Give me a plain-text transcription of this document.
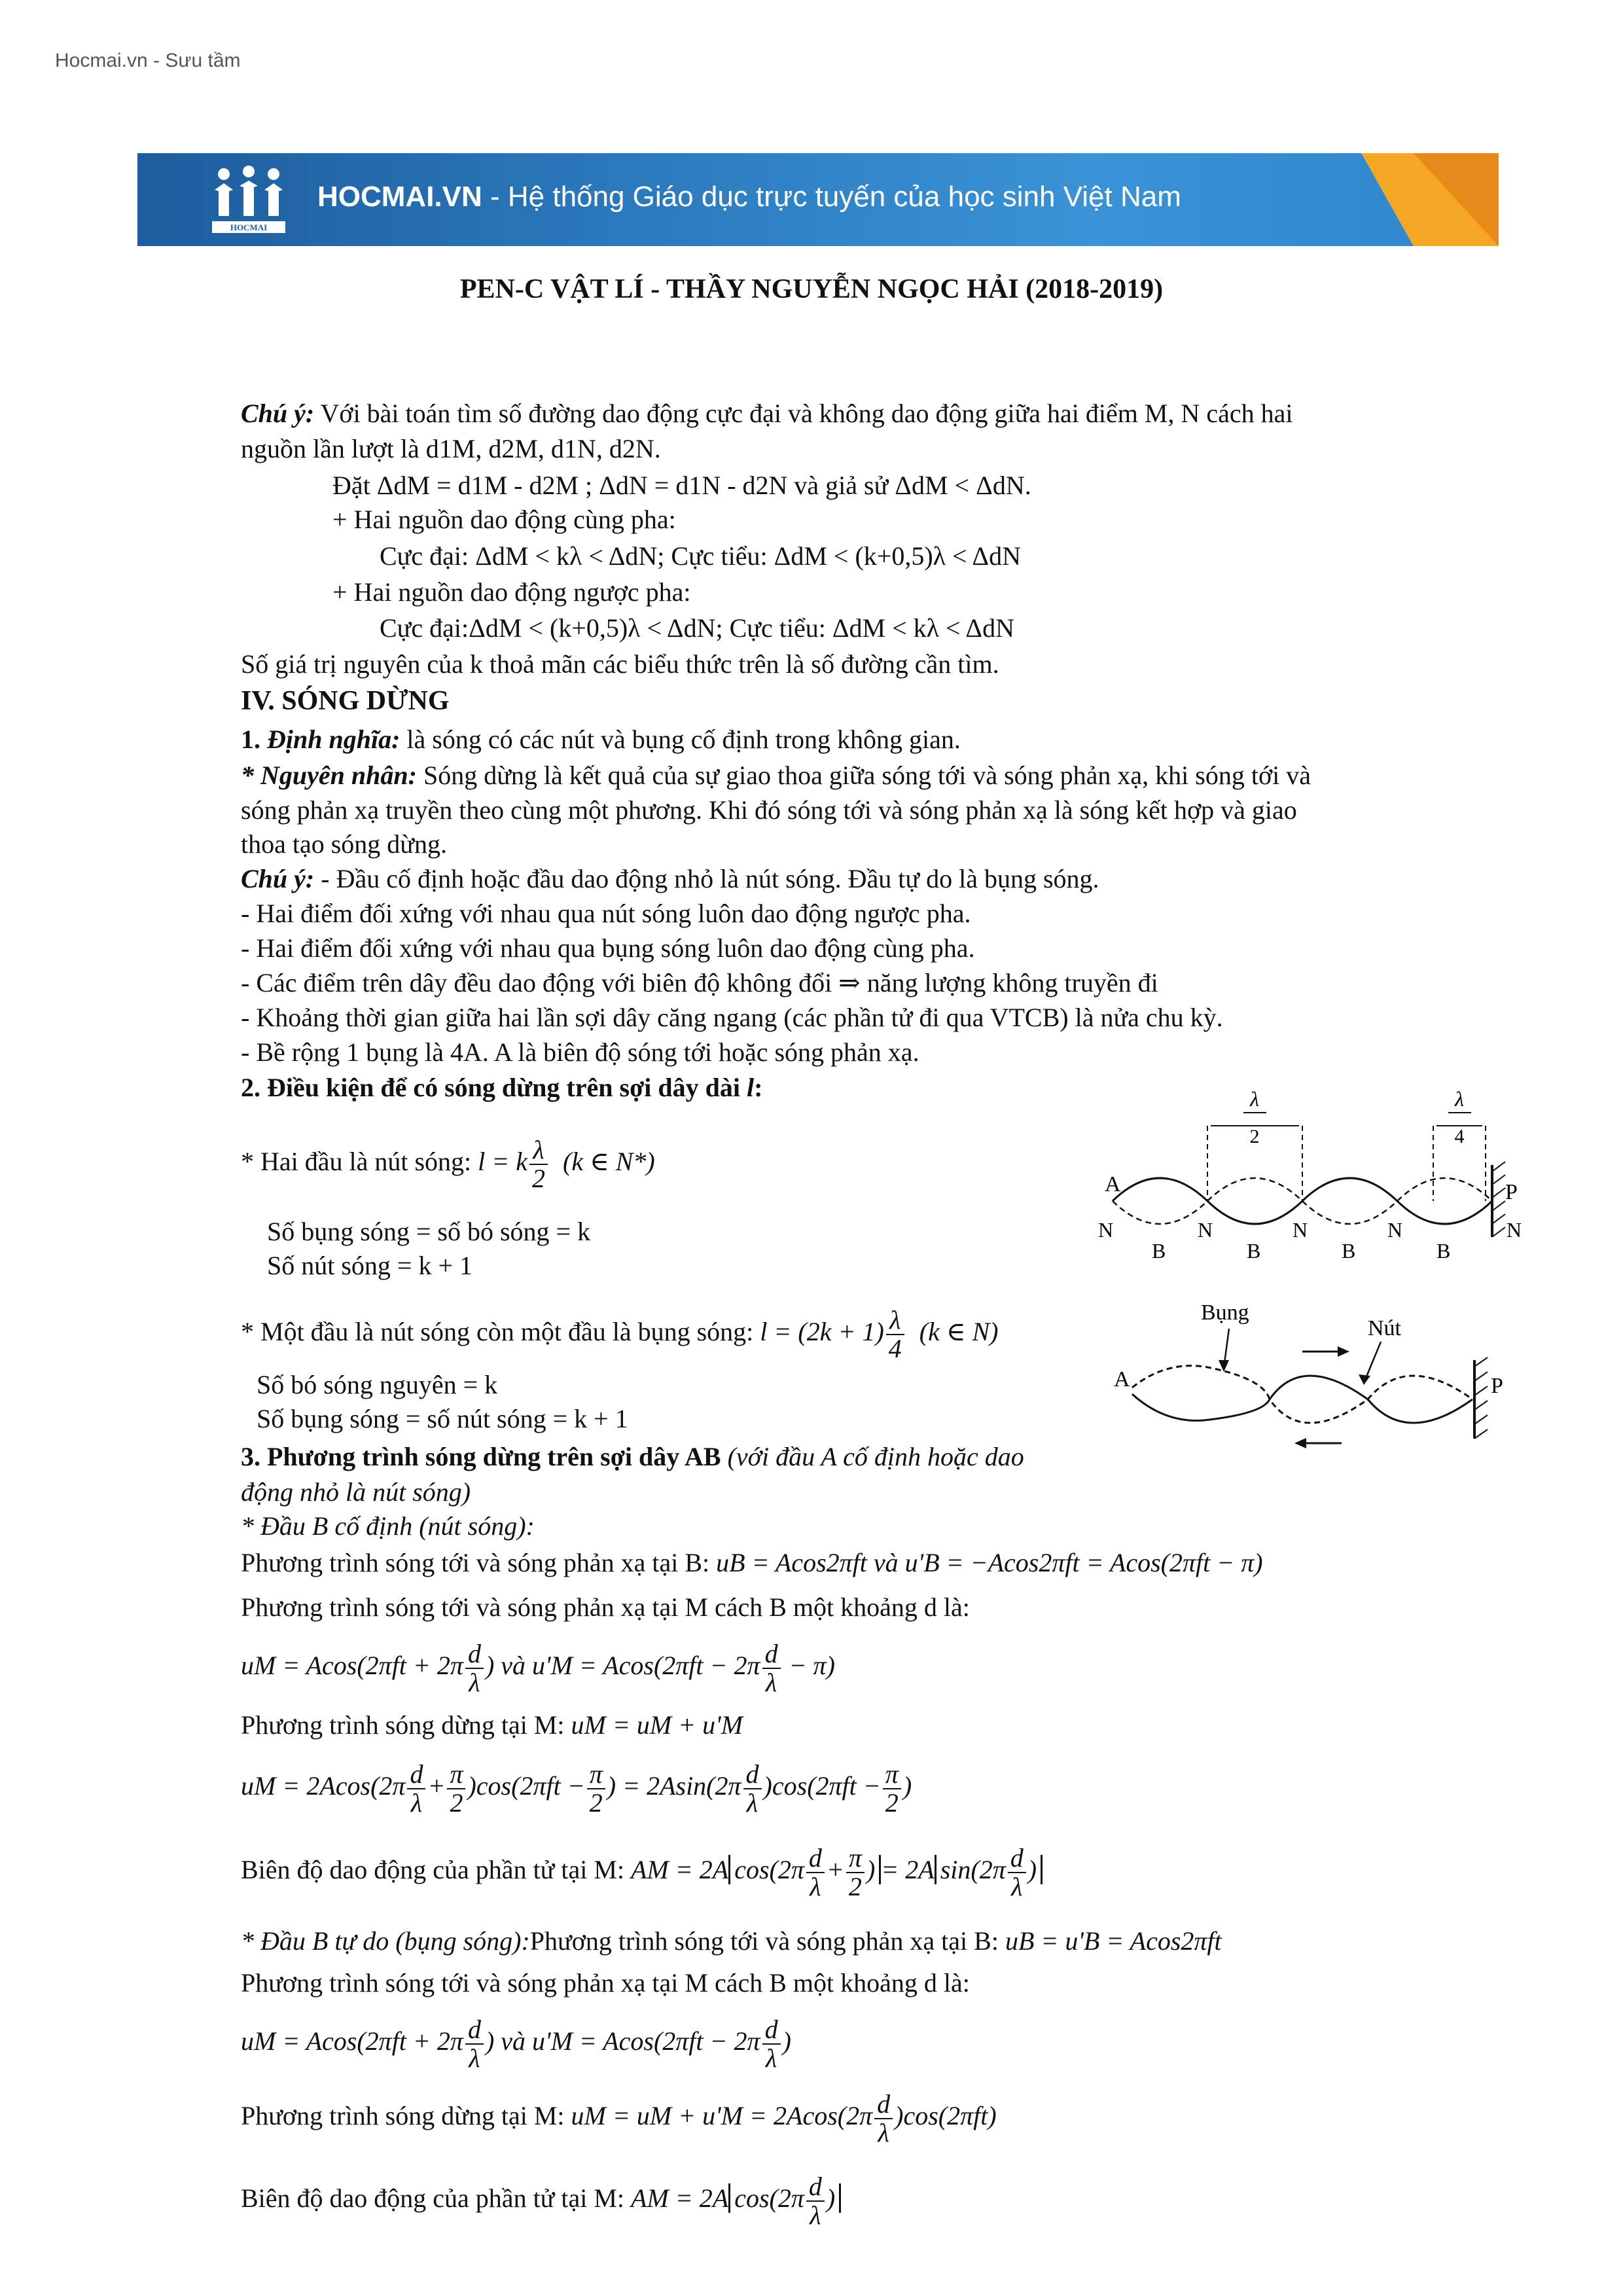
Hocmai.vn - Sưu tầm
HOCMAI
HOCMAI.VN - Hệ thống Giáo dục trực tuyến của học sinh Việt Nam
PEN-C VẬT LÍ - THẦY NGUYỄN NGỌC HẢI (2018-2019)
Chú ý: Với bài toán tìm số đường dao động cực đại và không dao động giữa hai điểm M, N cách hai
nguồn lần lượt là d1M, d2M, d1N, d2N.
Đặt ΔdM = d1M - d2M ; ΔdN = d1N - d2N và giả sử ΔdM < ΔdN.
+ Hai nguồn dao động cùng pha:
Cực đại: ΔdM < kλ < ΔdN; Cực tiểu: ΔdM < (k+0,5)λ < ΔdN
+ Hai nguồn dao động ngược pha:
Cực đại:ΔdM < (k+0,5)λ < ΔdN; Cực tiểu: ΔdM < kλ < ΔdN
Số giá trị nguyên của k thoả mãn các biểu thức trên là số đường cần tìm.
IV. SÓNG DỪNG
1. Định nghĩa: là sóng có các nút và bụng cố định trong không gian.
* Nguyên nhân: Sóng dừng là kết quả của sự giao thoa giữa sóng tới và sóng phản xạ, khi sóng tới và
sóng phản xạ truyền theo cùng một phương. Khi đó sóng tới và sóng phản xạ là sóng kết hợp và giao
thoa tạo sóng dừng.
Chú ý: - Đầu cố định hoặc đầu dao động nhỏ là nút sóng. Đầu tự do là bụng sóng.
- Hai điểm đối xứng với nhau qua nút sóng luôn dao động ngược pha.
- Hai điểm đối xứng với nhau qua bụng sóng luôn dao động cùng pha.
- Các điểm trên dây đều dao động với biên độ không đổi ⇒ năng lượng không truyền đi
- Khoảng thời gian giữa hai lần sợi dây căng ngang (các phần tử đi qua VTCB) là nửa chu kỳ.
- Bề rộng 1 bụng là 4A. A là biên độ sóng tới hoặc sóng phản xạ.
2. Điều kiện để có sóng dừng trên sợi dây dài l:
* Hai đầu là nút sóng: l = k $\frac{\lambda}{2} (k$ ∈ N*)
Số bụng sóng = số bó sóng = k
Số nút sóng = k + 1
* Một đầu là nút sóng còn một đầu là bụng sóng: $l = (2k + 1) \frac{\lambda}{4} (k$ ∈ N)
Số bó sóng nguyên = k
Số bụng sóng = số nút sóng = k + 1
λ
2
λ
4
A	P
N	N	N	N	N
B	B	B	B
Bụng
Nút
A	P
3. Phương trình sóng dừng trên sợi dây AB (với đầu A cố định hoặc dao
động nhỏ là nút sóng)
* Đầu B cố định (nút sóng):
Phương trình sóng tới và sóng phản xạ tại B: uB = Acos2πft và u'B = −Acos2πft = Acos(2πft − π)
Phương trình sóng tới và sóng phản xạ tại M cách B một khoảng d là:
uM = $Acos(2\pi ft + 2\pi \frac{d}{\lambda}$ ) và $u'M = Acos(2\pi ft - 2\pi \frac{d}{\lambda} - \pi)$
Phương trình sóng dừng tại M: uM = uM + u'M
uM = $2Acos(2\pi \frac{d}{\lambda} + \frac{\pi}{2} )\cos(2\pi ft - \frac{\pi}{2}$ ) = $2Asin(2\pi \frac{d}{\lambda} )\cos(2\pi ft - \frac{\pi}{2}$ )
Biên độ dao động của phần tử tại M: AM = 2A $\cos(2\pi \frac{d}{\lambda} + \frac{\pi}{2}$ ) = 2A $\sin(2\pi \frac{d}{\lambda}$ )
* Đầu B tự do (bụng sóng):Phương trình sóng tới và sóng phản xạ tại B: uB = u'B = Acos2πft
Phương trình sóng tới và sóng phản xạ tại M cách B một khoảng d là:
uM = $Acos(2\pi ft + 2\pi \frac{d}{\lambda}$ ) và $u'M = Acos(2\pi ft - 2\pi \frac{d}{\lambda}$ )
Phương trình sóng dừng tại M: uM = uM + $u'M = 2Acos(2\pi \frac{d}{\lambda} )\cos(2\pi ft)$
Biên độ dao động của phần tử tại M: AM = 2A $\cos(2\pi \frac{d}{\lambda}$ )
